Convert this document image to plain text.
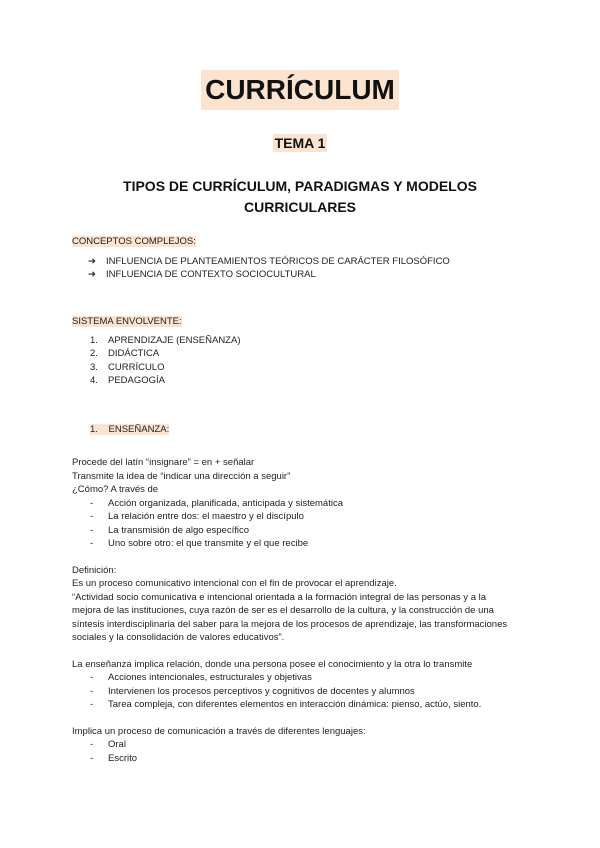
CURRÍCULUM
TEMA 1
TIPOS DE CURRÍCULUM, PARADIGMAS Y MODELOS
CURRICULARES

CONCEPTOS COMPLEJOS:

➔	INFLUENCIA DE PLANTEAMIENTOS TEÓRICOS DE CARÁCTER FILOSÓFICO
➔	INFLUENCIA DE CONTEXTO SOCIOCULTURAL

SISTEMA ENVOLVENTE:

1.	APRENDIZAJE (ENSEÑANZA)
2.	DIDÁCTICA
3.	CURRÍCULO
4.	PEDAGOGÍA
1. ENSEÑANZA:

Procede del latín “insignare” = en + señalar

Transmite la idea de “indicar una dirección a seguir”

¿Cómo? A través de

-	Acción organizada, planificada, anticipada y sistemática
-	La relación entre dos: el maestro y el discípulo
-	La transmisión de algo específico
-	Uno sobre otro: el que transmite y el que recibe

Definición:

Es un proceso comunicativo intencional con el fin de provocar el aprendizaje.

“Actividad socio comunicativa e intencional orientada a la formación integral de las personas y a la

mejora de las instituciones, cuya razón de ser es el desarrollo de la cultura, y la construcción de una

síntesis interdisciplinaria del saber para la mejora de los procesos de aprendizaje, las transformaciones

sociales y la consolidación de valores educativos”.

La enseñanza implica relación, donde una persona posee el conocimiento y la otra lo transmite

-	Acciones intencionales, estructurales y objetivas
-	Intervienen los procesos perceptivos y cognitivos de docentes y alumnos
-	Tarea compleja, con diferentes elementos en interacción dinámica: pienso, actúo, siento.

Implica un proceso de comunicación a través de diferentes lenguajes:

-	Oral
-	Escrito
